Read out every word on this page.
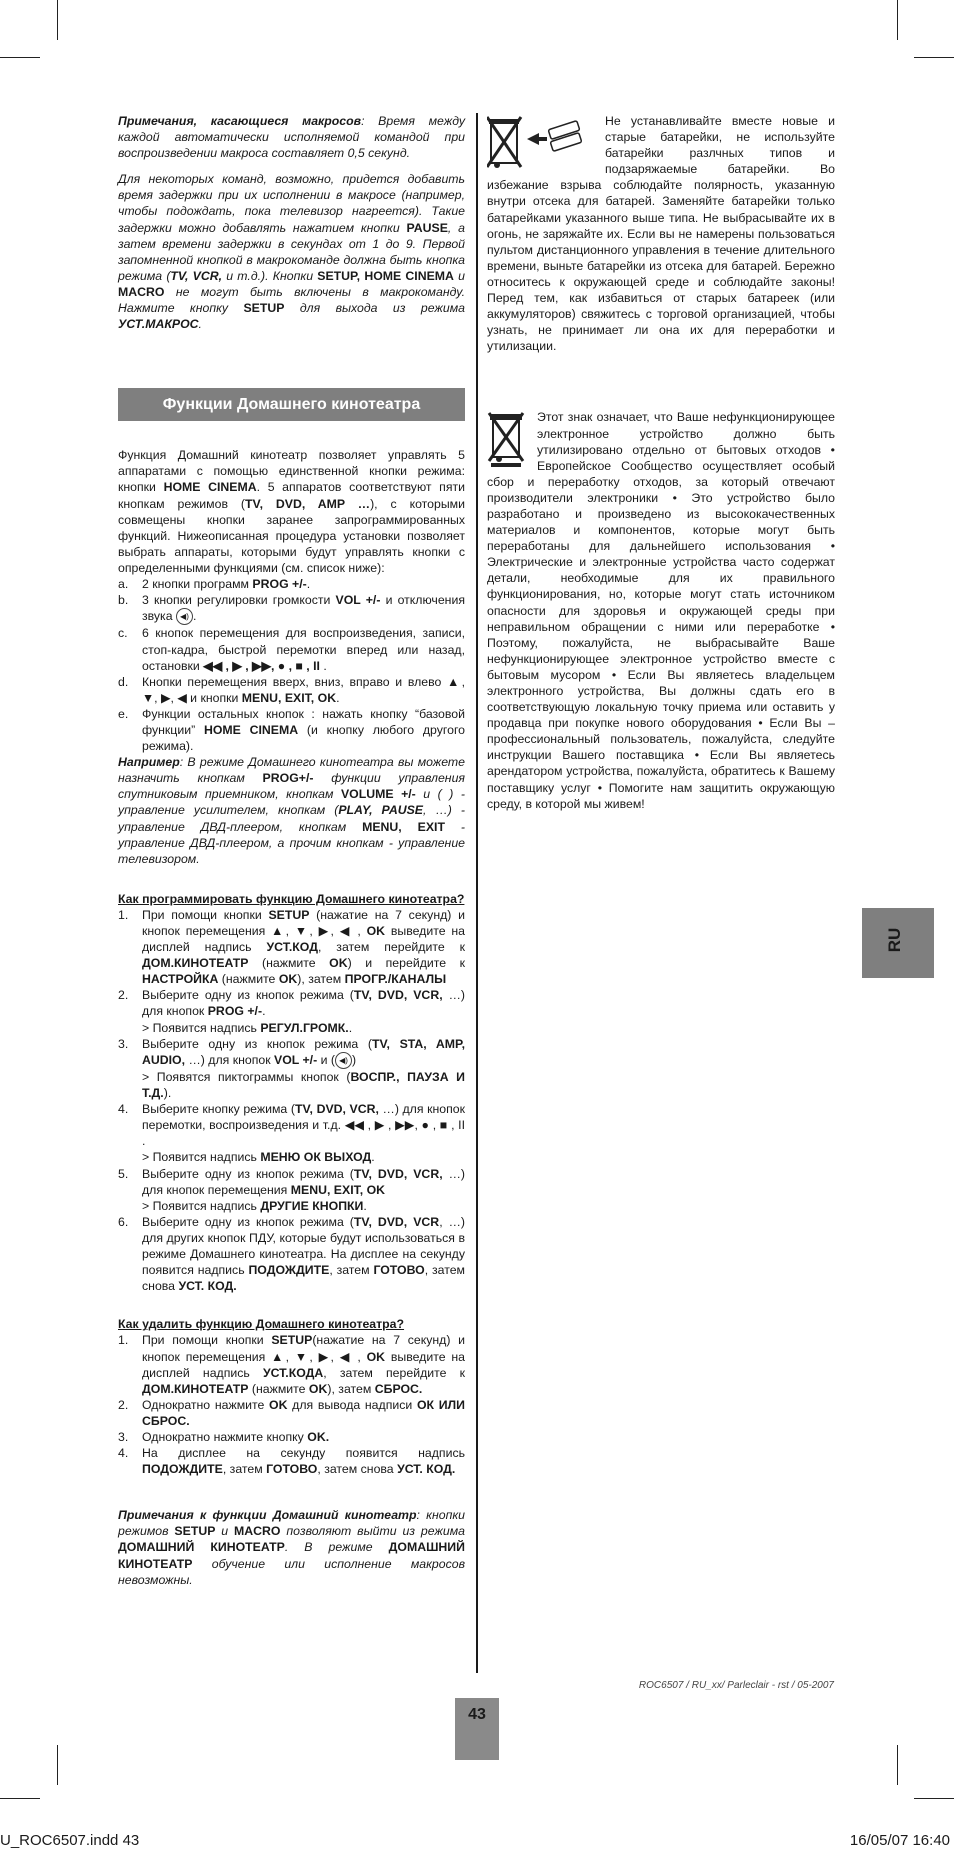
Примечания, касающиеся макросов: Время между каждой автоматически исполняемой командой при воспроизведении макроса составляет 0,5 секунд.

Для некоторых команд, возможно, придется добавить время задержки при их исполнении в макросе (например, чтобы подождать, пока телевизор нагреется). Такие задержки можно добавлять нажатием кнопки PAUSE, а затем времени задержки в секундах от 1 до 9. Первой запомненной кнопкой в макрокоманде должна быть кнопка режима (TV, VCR, и т.д.). Кнопки SETUP, HOME CINEMA и MACRO не могут быть включены в макрокоманду. Нажмите кнопку SETUP для выхода из режима УСТ.МАКРОС.

Функции Домашнего кинотеатра

Функция Домашний кинотеатр позволяет управлять 5 аппаратами с помощью единственной кнопки режима: кнопки HOME CINEMA. 5 аппаратов соответствуют пяти кнопкам режимов (TV, DVD, AMP …), с которыми совмещены кнопки заранее запрограммированных функций. Нижеописанная процедура установки позволяет выбрать аппараты, которыми будут управлять кнопки с определенными функциями (см. список ниже):

a. 2 кнопки программ PROG +/-.
b. 3 кнопки регулировки громкости VOL +/- и отключения звука ◀) .
c. 6 кнопок перемещения для воспроизведения, записи, стоп-кадра, быстрой перемотки вперед или назад, остановки ◀◀ , ▶ , ▶▶, ● , ■ , II .
d. Кнопки перемещения вверх, вниз, вправо и влево ▲, ▼, ▶, ◀ и кнопки MENU, EXIT, OK.
e. Функции остальных кнопок : нажать кнопку “базовой функции” HOME CINEMA (и кнопку любого другого режима).

Например: В режиме Домашнего кинотеатра вы можете назначить кнопкам PROG+/- функции управления спутниковым приемником, кнопкам VOLUME +/- и ( ) - управление усилителем, кнопкам (PLAY, PAUSE, …) - управление ДВД-плеером, кнопкам MENU, EXIT - управление ДВД-плеером, а прочим кнопкам - управление телевизором.

Как программировать функцию Домашнего кинотеатра?

1. При помощи кнопки SETUP (нажатие на 7 секунд) и кнопок перемещения ▲, ▼, ▶, ◀ , OK выведите на дисплей надпись УСТ.КОД, затем перейдите к ДОМ.КИНОТЕАТР (нажмите OK) и перейдите к НАСТРОЙКА (нажмите OK), затем ПРОГР./КАНАЛЫ
2. Выберите одну из кнопок режима (TV, DVD, VCR, …) для кнопок PROG +/-.
> Появится надпись РЕГУЛ.ГРОМК..
3. Выберите одну из кнопок режима (TV, STA, AMP, AUDIO, …) для кнопок VOL +/- и ( ◀) )
> Появятся пиктограммы кнопок (ВОСПР., ПАУЗА И Т.Д.).
4. Выберите кнопку режима (TV, DVD, VCR, …) для кнопок перемотки, воспроизведения и т.д. ◀◀ , ▶ , ▶▶, ● , ■ , II .
> Появится надпись МЕНЮ ОК ВЫХОД.
5. Выберите одну из кнопок режима (TV, DVD, VCR, …) для кнопок перемещения MENU, EXIT, OK
> Появится надпись ДРУГИЕ КНОПКИ.
6. Выберите одну из кнопок режима (TV, DVD, VCR, …) для других кнопок ПДУ, которые будут использоваться в режиме Домашнего кинотеатра. На дисплее на секунду появится надпись ПОДОЖДИТЕ, затем ГОТОВО, затем снова УСТ. КОД.

Как удалить функцию Домашнего кинотеатра?

1. При помощи кнопки SETUP(нажатие на 7 секунд) и кнопок перемещения ▲, ▼, ▶, ◀ , OK выведите на дисплей надпись УСТ.КОДА, затем перейдите к ДОМ.КИНОТЕАТР (нажмите OK), затем СБРОС.
2. Однократно нажмите OK для вывода надписи ОК ИЛИ СБРОС.
3. Однократно нажмите кнопку OK.
4. На дисплее на секунду появится надпись ПОДОЖДИТЕ, затем ГОТОВО, затем снова УСТ. КОД.

Примечания к функции Домашний кинотеатр: кнопки режимов SETUP и MACRO позволяют выйти из режима ДОМАШНИЙ КИНОТЕАТР. В режиме ДОМАШНИЙ КИНОТЕАТР обучение или исполнение макросов невозможны.

Не устанавливайте вместе новые и старые батарейки, не используйте батарейки разлчных типов и подзаряжаемые батарейки. Во избежание взрыва соблюдайте полярность, указанную внутри отсека для батарей. Заменяйте батарейки только батарейками указанного выше типа. Не выбрасывайте их в огонь, не заряжайте их. Если вы не намерены пользоваться пультом дистанционного управления в течение длительного времени, выньте батарейки из отсека для батарей. Бережно относитесь к окружающей среде и соблюдайте законы! Перед тем, как избавиться от старых батареек (или аккумуляторов) свяжитесь с торговой организацией, чтобы узнать, не принимает ли она их для переработки и утилизации.

Этот знак означает, что Ваше нефункционирующее электронное устройство должно быть утилизировано отдельно от бытовых отходов • Европейское Сообщество осуществляет особый сбор и переработку отходов, за который отвечают производители электроники • Это устройство было разработано и произведено из высококачественных материалов и компонентов, которые могут быть переработаны для дальнейшего использования • Электрические и электронные устройства часто содержат детали, необходимые для их правильного функционирования, но, которые могут стать источником опасности для здоровья и окружающей среды при неправильном обращении с ними или переработке • Поэтому, пожалуйста, не выбрасывайте Ваше нефункционирующее электронное устройство вместе с бытовым мусором • Если Вы являетесь владельцем электронного устройства, Вы должны сдать его в соответствующую локальную точку приема или оставить у продавца при покупке нового оборудования • Если Вы – профессиональный пользователь, пожалуйста, следуйте инструкции Вашего поставщика • Если Вы являетесь арендатором устройства, пожалуйста, обратитесь к Вашему поставщику услуг • Помогите нам защитить окружающую среду, в которой мы живем!

RU
ROC6507 / RU_xx/ Parleclair - rst / 05-2007
43
U_ROC6507.indd 43	16/05/07 16:40
